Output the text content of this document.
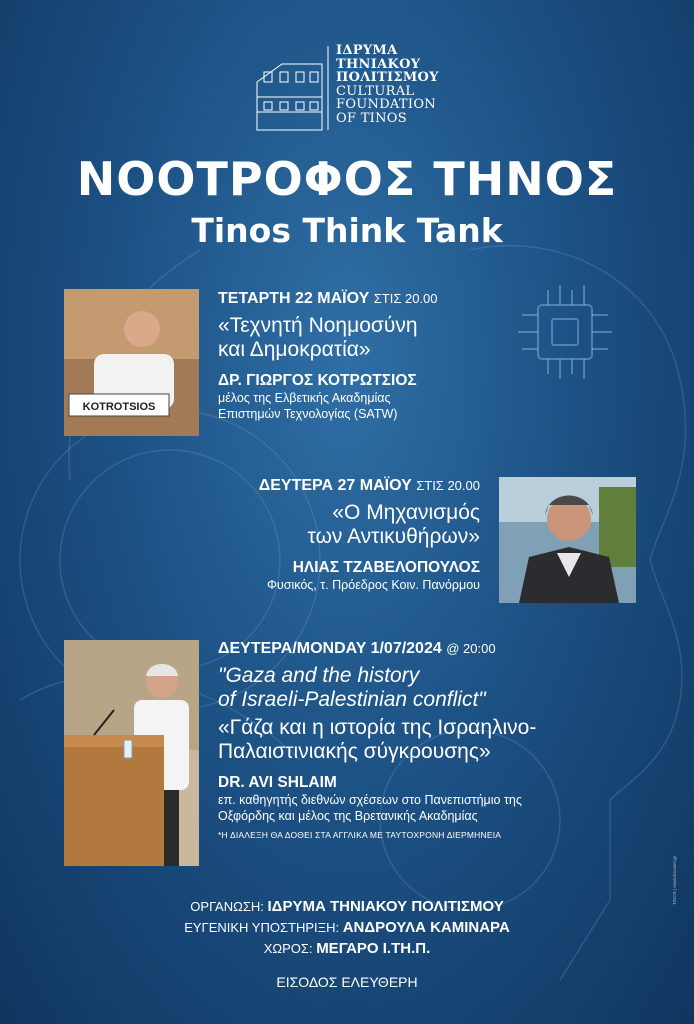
ΙΔΡΥΜΑ
ΤΗΝΙΑΚΟΥ
ΠΟΛΙΤΙΣΜΟΥ
CULTURAL
FOUNDATION
OF TINOS
ΝΟΟΤΡΟΦΟΣ ΤΗΝΟΣ
Tinos Think Tank
KOTROTSIOS
ΤΕΤΑΡΤΗ 22 ΜΑΪΟΥ ΣΤΙΣ 20.00
«Τεχνητή Νοημοσύνη
και Δημοκρατία»
ΔΡ. ΓΙΩΡΓΟΣ ΚΟΤΡΩΤΣΙΟΣ
μέλος της Ελβετικής Ακαδημίας
Επιστημών Τεχνολογίας (SATW)
ΔΕΥΤΕΡΑ 27 ΜΑΪΟΥ ΣΤΙΣ 20.00
«Ο Μηχανισμός
των Αντικυθήρων»
ΗΛΙΑΣ ΤΖΑΒΕΛΟΠΟΥΛΟΣ
Φυσικός, τ. Πρόεδρος Κοιν. Πανόρμου
ΔΕΥΤΕΡΑ/MONDAY 1/07/2024 @ 20:00
"Gaza and the history
of Israeli-Palestinian conflict"
«Γάζα και η ιστορία της Ισραηλινο-
Παλαιστινιακής σύγκρουσης»
DR. AVI SHLAIM
επ. καθηγητής διεθνών σχέσεων στο Πανεπιστήμιο της
Οξφόρδης και μέλος της Βρετανικής Ακαδημίας
*Η ΔΙΑΛΕΞΗ ΘΑ ΔΟΘΕΙ ΣΤΑ ΑΓΓΛΙΚΑ ΜΕ ΤΑΥΤΟΧΡΟΝΗ ΔΙΕΡΜΗΝΕΙΑ
ΟΡΓΑΝΩΣΗ: ΙΔΡΥΜΑ ΤΗΝΙΑΚΟΥ ΠΟΛΙΤΙΣΜΟΥ
ΕΥΓΕΝΙΚΗ ΥΠΟΣΤΗΡΙΞΗ: ΑΝΔΡΟΥΛΑ ΚΑΜΙΝΑΡΑ
ΧΩΡΟΣ: ΜΕΓΑΡΟ Ι.ΤΗ.Π.
ΕΙΣΟΔΟΣ ΕΛΕΥΘΕΡΗ
TINOS | www.tinosnet.gr
